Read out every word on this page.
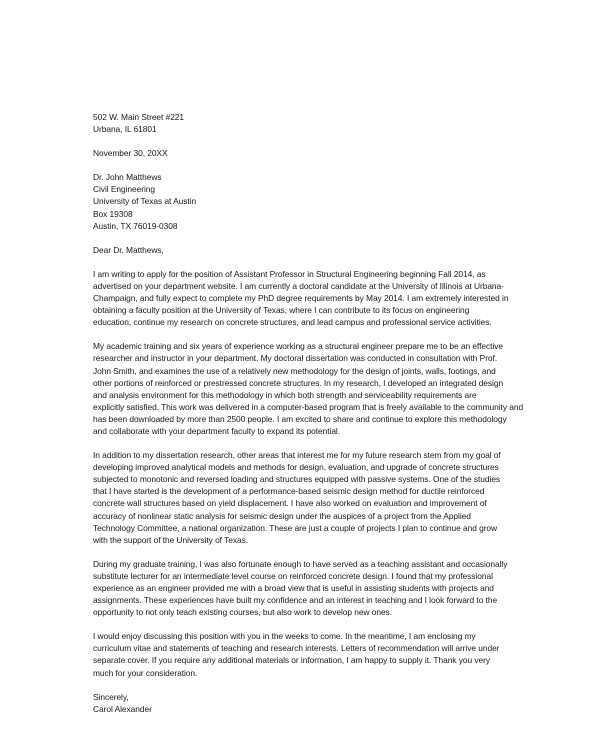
502 W. Main Street #221
Urbana, IL 61801
November 30, 20XX
Dr. John Matthews
Civil Engineering
University of Texas at Austin
Box 19308
Austin, TX 76019-0308
Dear Dr. Matthews,
I am writing to apply for the position of Assistant Professor in Structural Engineering beginning Fall 2014, as
advertised on your department website. I am currently a doctoral candidate at the University of Illinois at Urbana-
Champaign, and fully expect to complete my PhD degree requirements by May 2014. I am extremely interested in
obtaining a faculty position at the University of Texas, where I can contribute to its focus on engineering
education, continue my research on concrete structures, and lead campus and professional service activities.
My academic training and six years of experience working as a structural engineer prepare me to be an effective
researcher and instructor in your department. My doctoral dissertation was conducted in consultation with Prof.
John Smith, and examines the use of a relatively new methodology for the design of joints, walls, footings, and
other portions of reinforced or prestressed concrete structures. In my research, I developed an integrated design
and analysis environment for this methodology in which both strength and serviceability requirements are
explicitly satisfied. This work was delivered in a computer-based program that is freely available to the community and
has been downloaded by more than 2500 people. I am excited to share and continue to explore this methodology
and collaborate with your department faculty to expand its potential.
In addition to my dissertation research, other areas that interest me for my future research stem from my goal of
developing improved analytical models and methods for design, evaluation, and upgrade of concrete structures
subjected to monotonic and reversed loading and structures equipped with passive systems. One of the studies
that I have started is the development of a performance-based seismic design method for ductile reinforced
concrete wall structures based on yield displacement. I have also worked on evaluation and improvement of
accuracy of nonlinear static analysis for seismic design under the auspices of a project from the Applied
Technology Committee, a national organization. These are just a couple of projects I plan to continue and grow
with the support of the University of Texas.
During my graduate training, I was also fortunate enough to have served as a teaching assistant and occasionally
substitute lecturer for an intermediate level course on reinforced concrete design. I found that my professional
experience as an engineer provided me with a broad view that is useful in assisting students with projects and
assignments. These experiences have built my confidence and an interest in teaching and I look forward to the
opportunity to not only teach existing courses, but also work to develop new ones.
I would enjoy discussing this position with you in the weeks to come. In the meantime, I am enclosing my
curriculum vitae and statements of teaching and research interests. Letters of recommendation will arrive under
separate cover. If you require any additional materials or information, I am happy to supply it. Thank you very
much for your consideration.
Sincerely,
Carol Alexander
